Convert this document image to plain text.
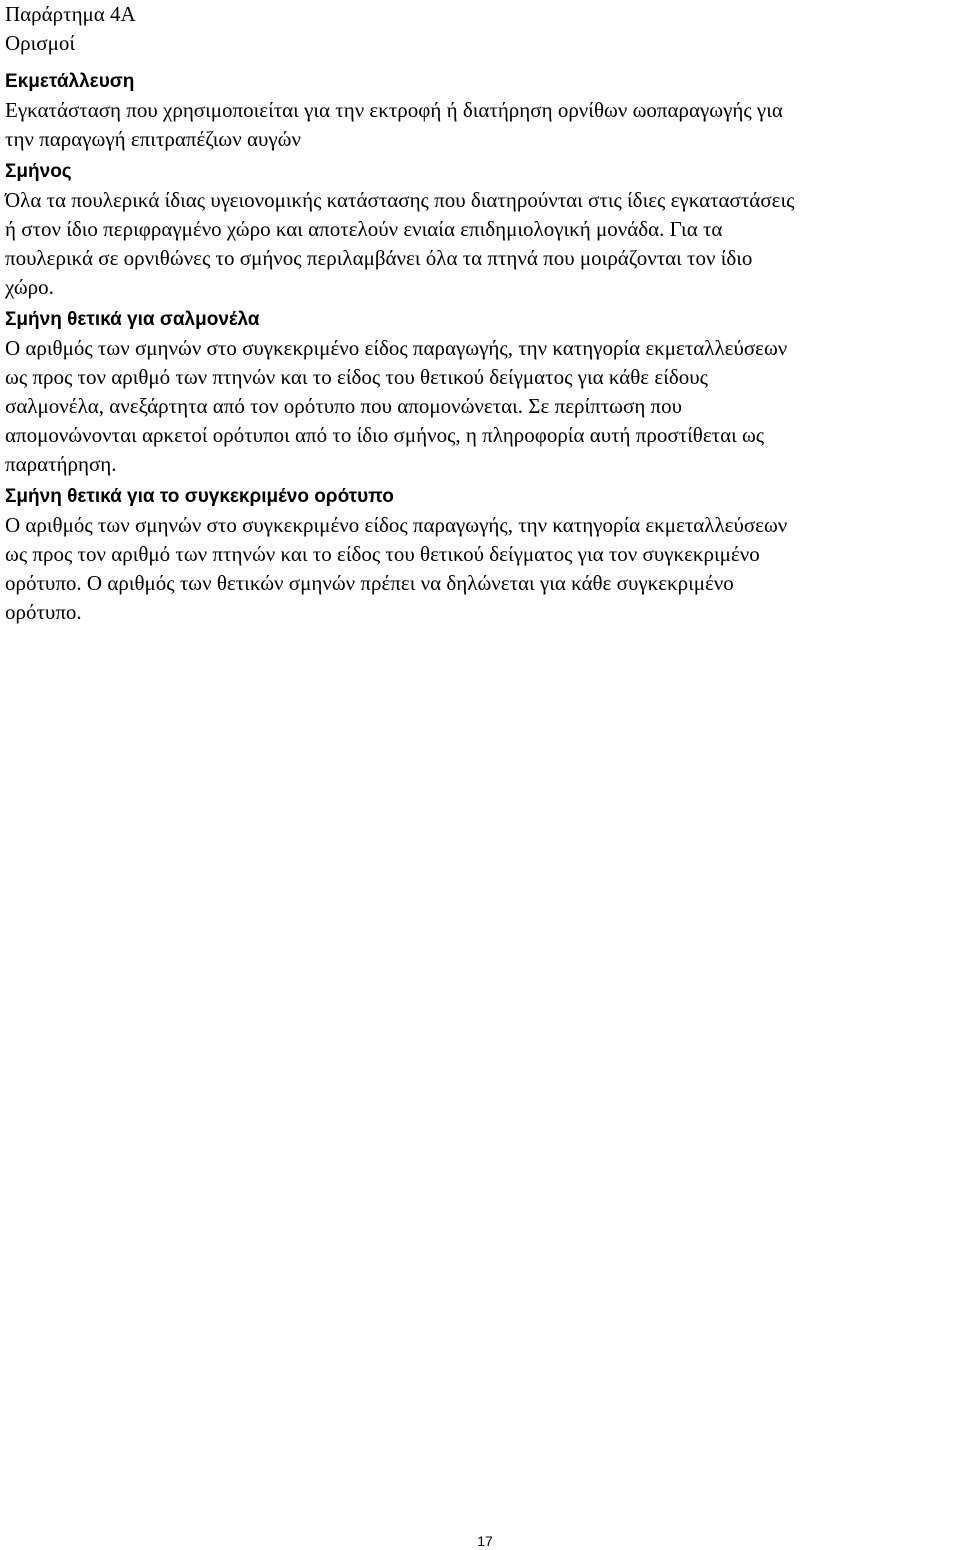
Παράρτημα 4Α

Ορισμοί

Εκμετάλλευση

Εγκατάσταση που χρησιμοποιείται για την εκτροφή ή διατήρηση ορνίθων ωοπαραγωγής για
την παραγωγή επιτραπέζιων αυγών

Σμήνος

Όλα τα πουλερικά ίδιας υγειονομικής κατάστασης που διατηρούνται στις ίδιες εγκαταστάσεις
ή στον ίδιο περιφραγμένο χώρο και αποτελούν ενιαία επιδημιολογική μονάδα. Για τα
πουλερικά σε ορνιθώνες το σμήνος περιλαμβάνει όλα τα πτηνά που μοιράζονται τον ίδιο
χώρο.

Σμήνη θετικά για σαλμονέλα

Ο αριθμός των σμηνών στο συγκεκριμένο είδος παραγωγής, την κατηγορία εκμεταλλεύσεων
ως προς τον αριθμό των πτηνών και το είδος του θετικού δείγματος για κάθε είδους
σαλμονέλα, ανεξάρτητα από τον ορότυπο που απομονώνεται. Σε περίπτωση που
απομονώνονται αρκετοί ορότυποι από το ίδιο σμήνος, η πληροφορία αυτή προστίθεται ως
παρατήρηση.

Σμήνη θετικά για το συγκεκριμένο ορότυπο

Ο αριθμός των σμηνών στο συγκεκριμένο είδος παραγωγής, την κατηγορία εκμεταλλεύσεων
ως προς τον αριθμό των πτηνών και το είδος του θετικού δείγματος για τον συγκεκριμένο
ορότυπο. Ο αριθμός των θετικών σμηνών πρέπει να δηλώνεται για κάθε συγκεκριμένο
ορότυπο.

17
